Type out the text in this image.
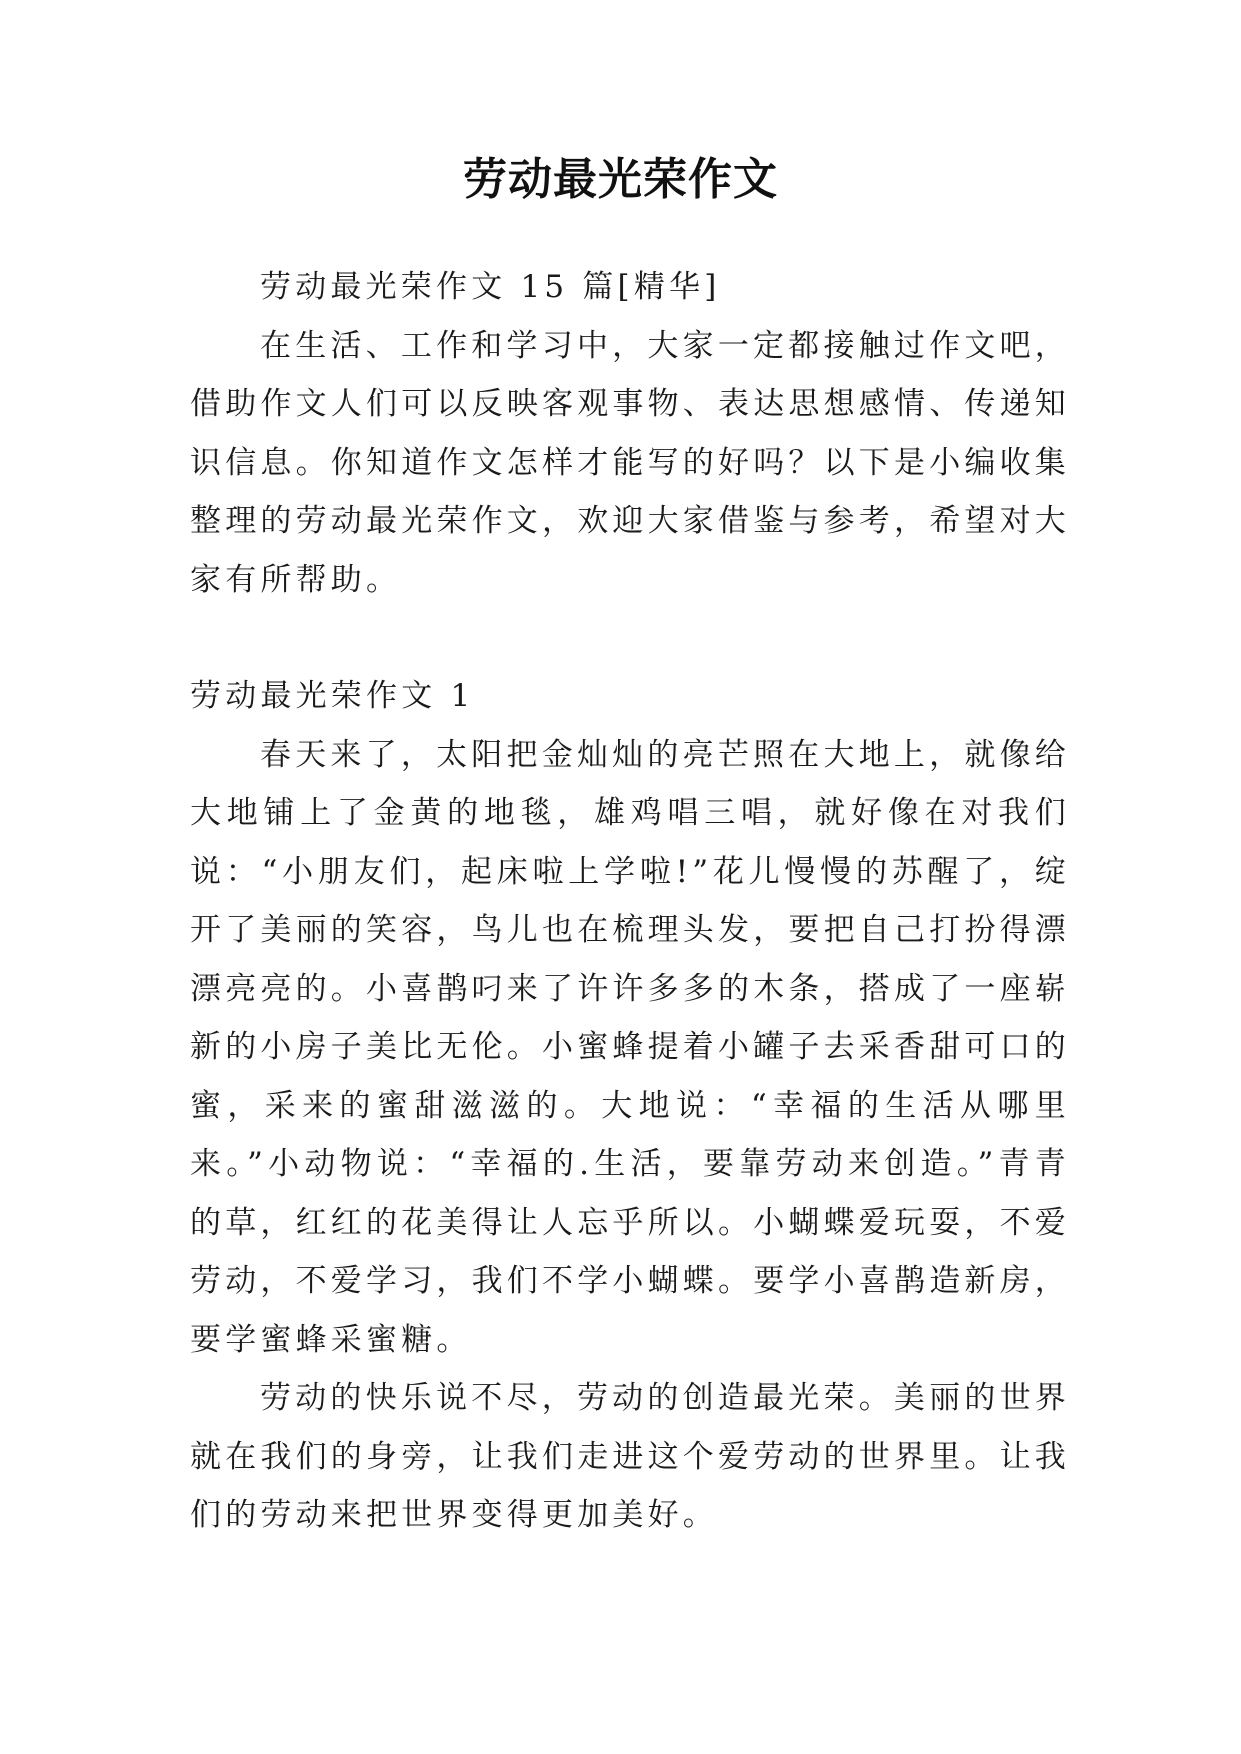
劳动最光荣作文

劳动最光荣作文 15 篇[精华]

在生活、工作和学习中，大家一定都接触过作文吧，借助作文人们可以反映客观事物、表达思想感情、传递知识信息。你知道作文怎样才能写的好吗？以下是小编收集整理的劳动最光荣作文，欢迎大家借鉴与参考，希望对大家有所帮助。

劳动最光荣作文 1

春天来了，太阳把金灿灿的亮芒照在大地上，就像给大地铺上了金黄的地毯，雄鸡唱三唱，就好像在对我们说：“小朋友们，起床啦上学啦!”花儿慢慢的苏醒了，绽开了美丽的笑容，鸟儿也在梳理头发，要把自己打扮得漂漂亮亮的。小喜鹊叼来了许许多多的木条，搭成了一座崭新的小房子美比无伦。小蜜蜂提着小罐子去采香甜可口的蜜，采来的蜜甜滋滋的。大地说：“幸福的生活从哪里来。”小动物说：“幸福的.生活，要靠劳动来创造。”青青的草，红红的花美得让人忘乎所以。小蝴蝶爱玩耍，不爱劳动，不爱学习，我们不学小蝴蝶。要学小喜鹊造新房，要学蜜蜂采蜜糖。

劳动的快乐说不尽，劳动的创造最光荣。美丽的世界就在我们的身旁，让我们走进这个爱劳动的世界里。让我们的劳动来把世界变得更加美好。
